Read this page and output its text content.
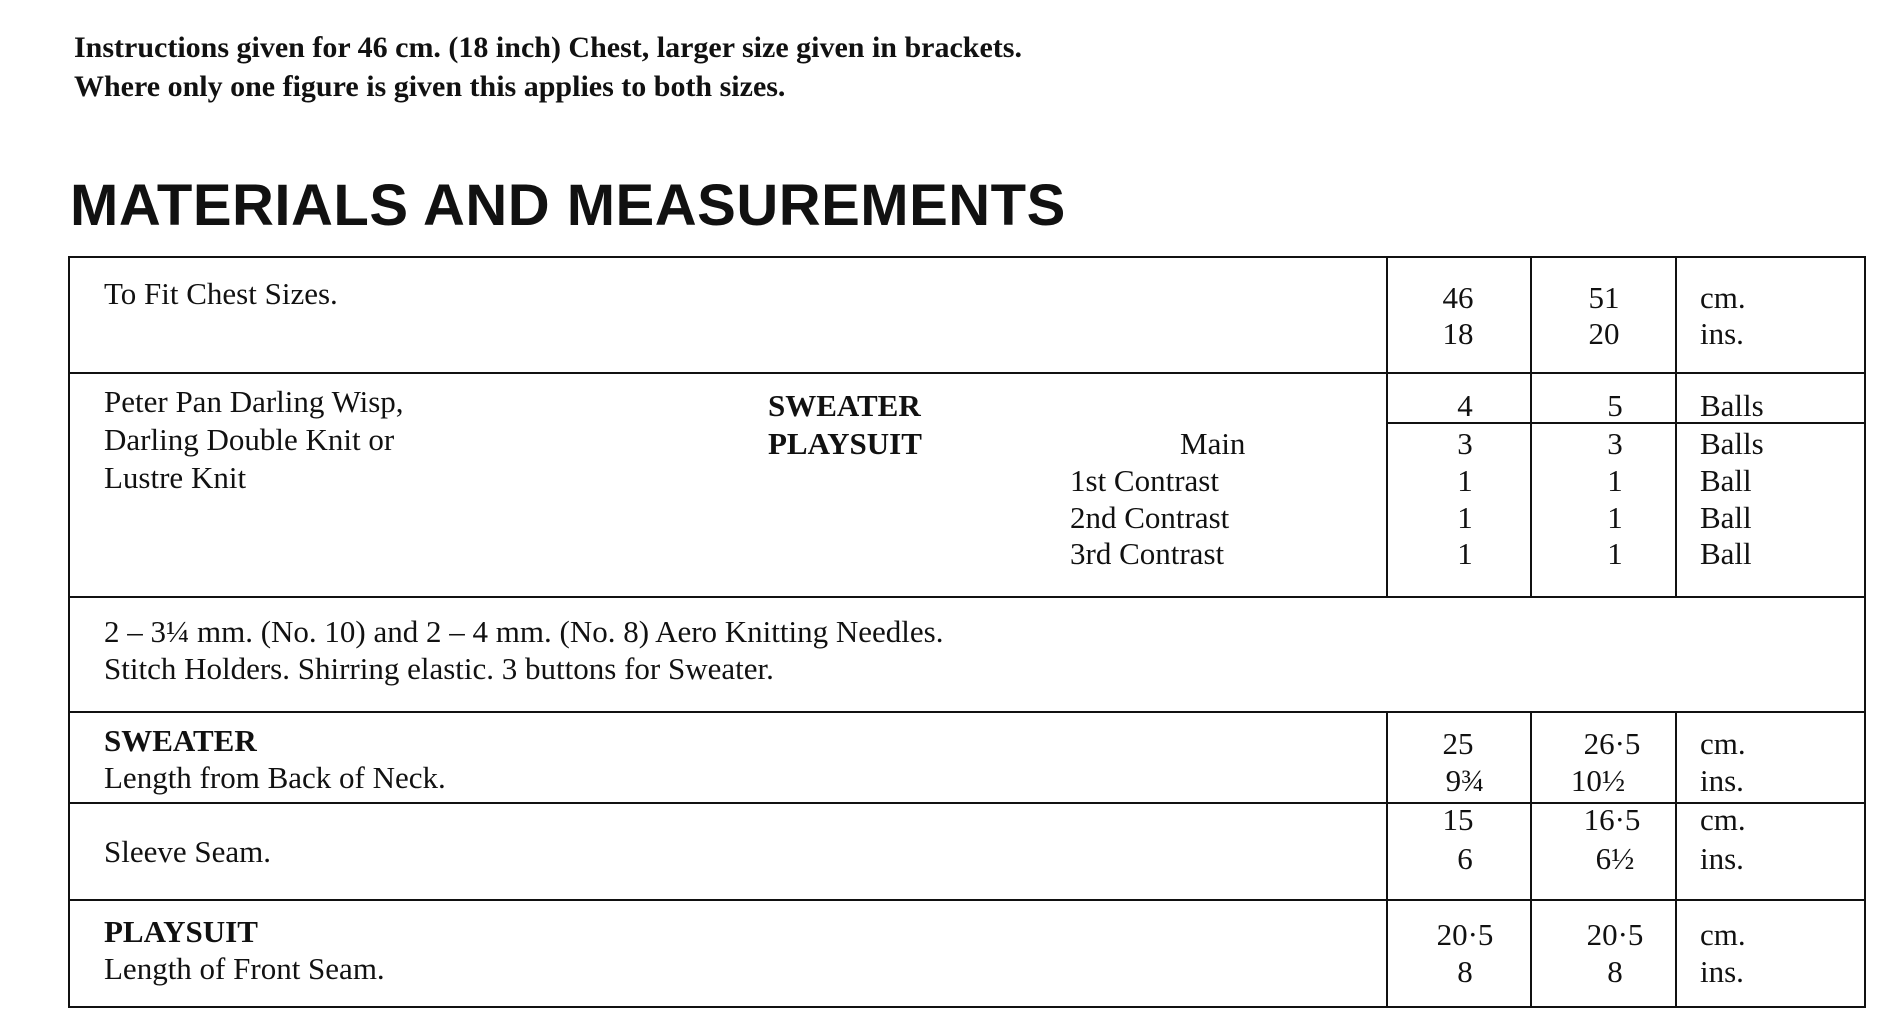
Instructions given for 46 cm. (18 inch) Chest, larger size given in brackets.
Where only one figure is given this applies to both sizes.
MATERIALS AND MEASUREMENTS
To Fit Chest Sizes.	46
18
51
20
cm.
ins.
Peter Pan Darling Wisp,
Darling Double Knit or
Lustre Knit
SWEATER
PLAYSUIT	Main
1st Contrast
2nd Contrast
3rd Contrast
4
3
1
1
1
5
3
1
1
1
Balls
Balls
Ball
Ball
Ball
2 – 3¼ mm. (No. 10) and 2 – 4 mm. (No. 8) Aero Knitting Needles.
Stitch Holders. Shirring elastic. 3 buttons for Sweater.
SWEATER
Length from Back of Neck.
25
9¾
26·5
10½
cm.
ins.
Sleeve Seam.
15
6
16·5
6½
cm.
ins.
PLAYSUIT
Length of Front Seam.
20·5
8
20·5
8
cm.
ins.
